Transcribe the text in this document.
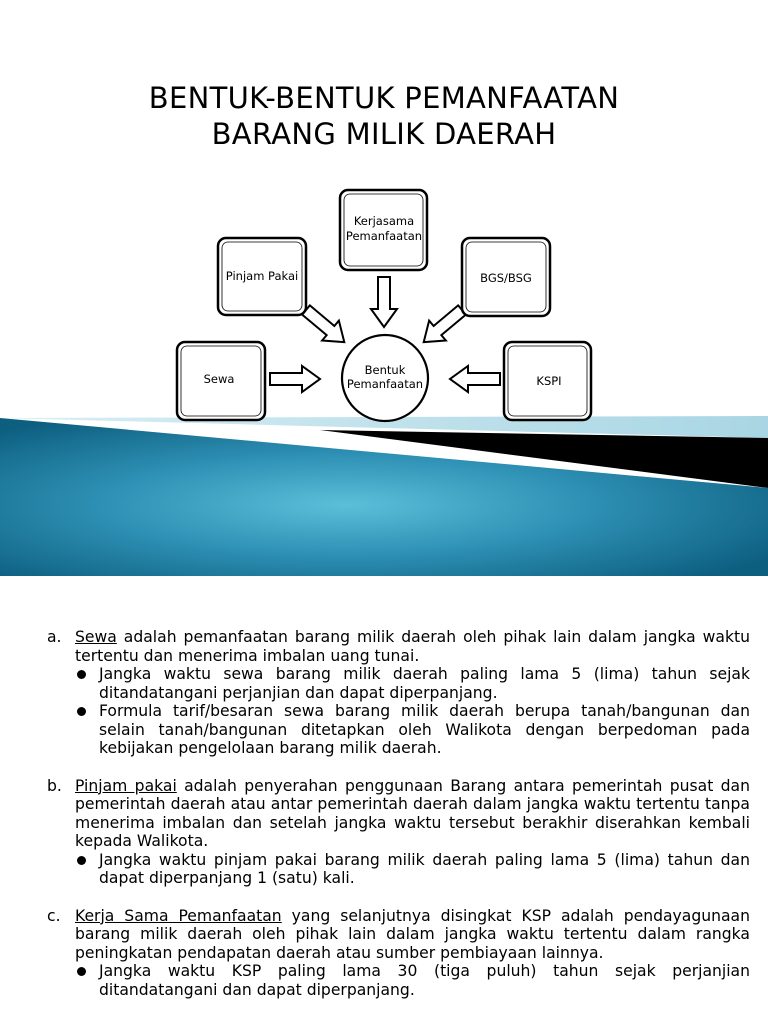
BENTUK-BENTUK PEMANFAATAN
BARANG MILIK DAERAH
Bentuk
Pemanfaatan
Kerjasama
Pemanfaatan
Pinjam Pakai	BGS/BSG
Sewa	KSPI
a. Sewa adalah pemanfaatan barang milik daerah oleh pihak lain dalam jangka waktu tertentu dan menerima imbalan uang tunai.

Jangka waktu sewa barang milik daerah paling lama 5 (lima) tahun sejak ditandatangani perjanjian dan dapat diperpanjang.
Formula tarif/besaran sewa barang milik daerah berupa tanah/bangunan dan selain tanah/bangunan ditetapkan oleh Walikota dengan berpedoman pada kebijakan pengelolaan barang milik daerah.
b. Pinjam pakai adalah penyerahan penggunaan Barang antara pemerintah pusat dan pemerintah daerah atau antar pemerintah daerah dalam jangka waktu tertentu tanpa menerima imbalan dan setelah jangka waktu tersebut berakhir diserahkan kembali kepada Walikota.

Jangka waktu pinjam pakai barang milik daerah paling lama 5 (lima) tahun dan dapat diperpanjang 1 (satu) kali.
c. Kerja Sama Pemanfaatan yang selanjutnya disingkat KSP adalah pendayagunaan barang milik daerah oleh pihak lain dalam jangka waktu tertentu dalam rangka peningkatan pendapatan daerah atau sumber pembiayaan lainnya.

Jangka waktu KSP paling lama 30 (tiga puluh) tahun sejak perjanjian ditandatangani dan dapat diperpanjang.
